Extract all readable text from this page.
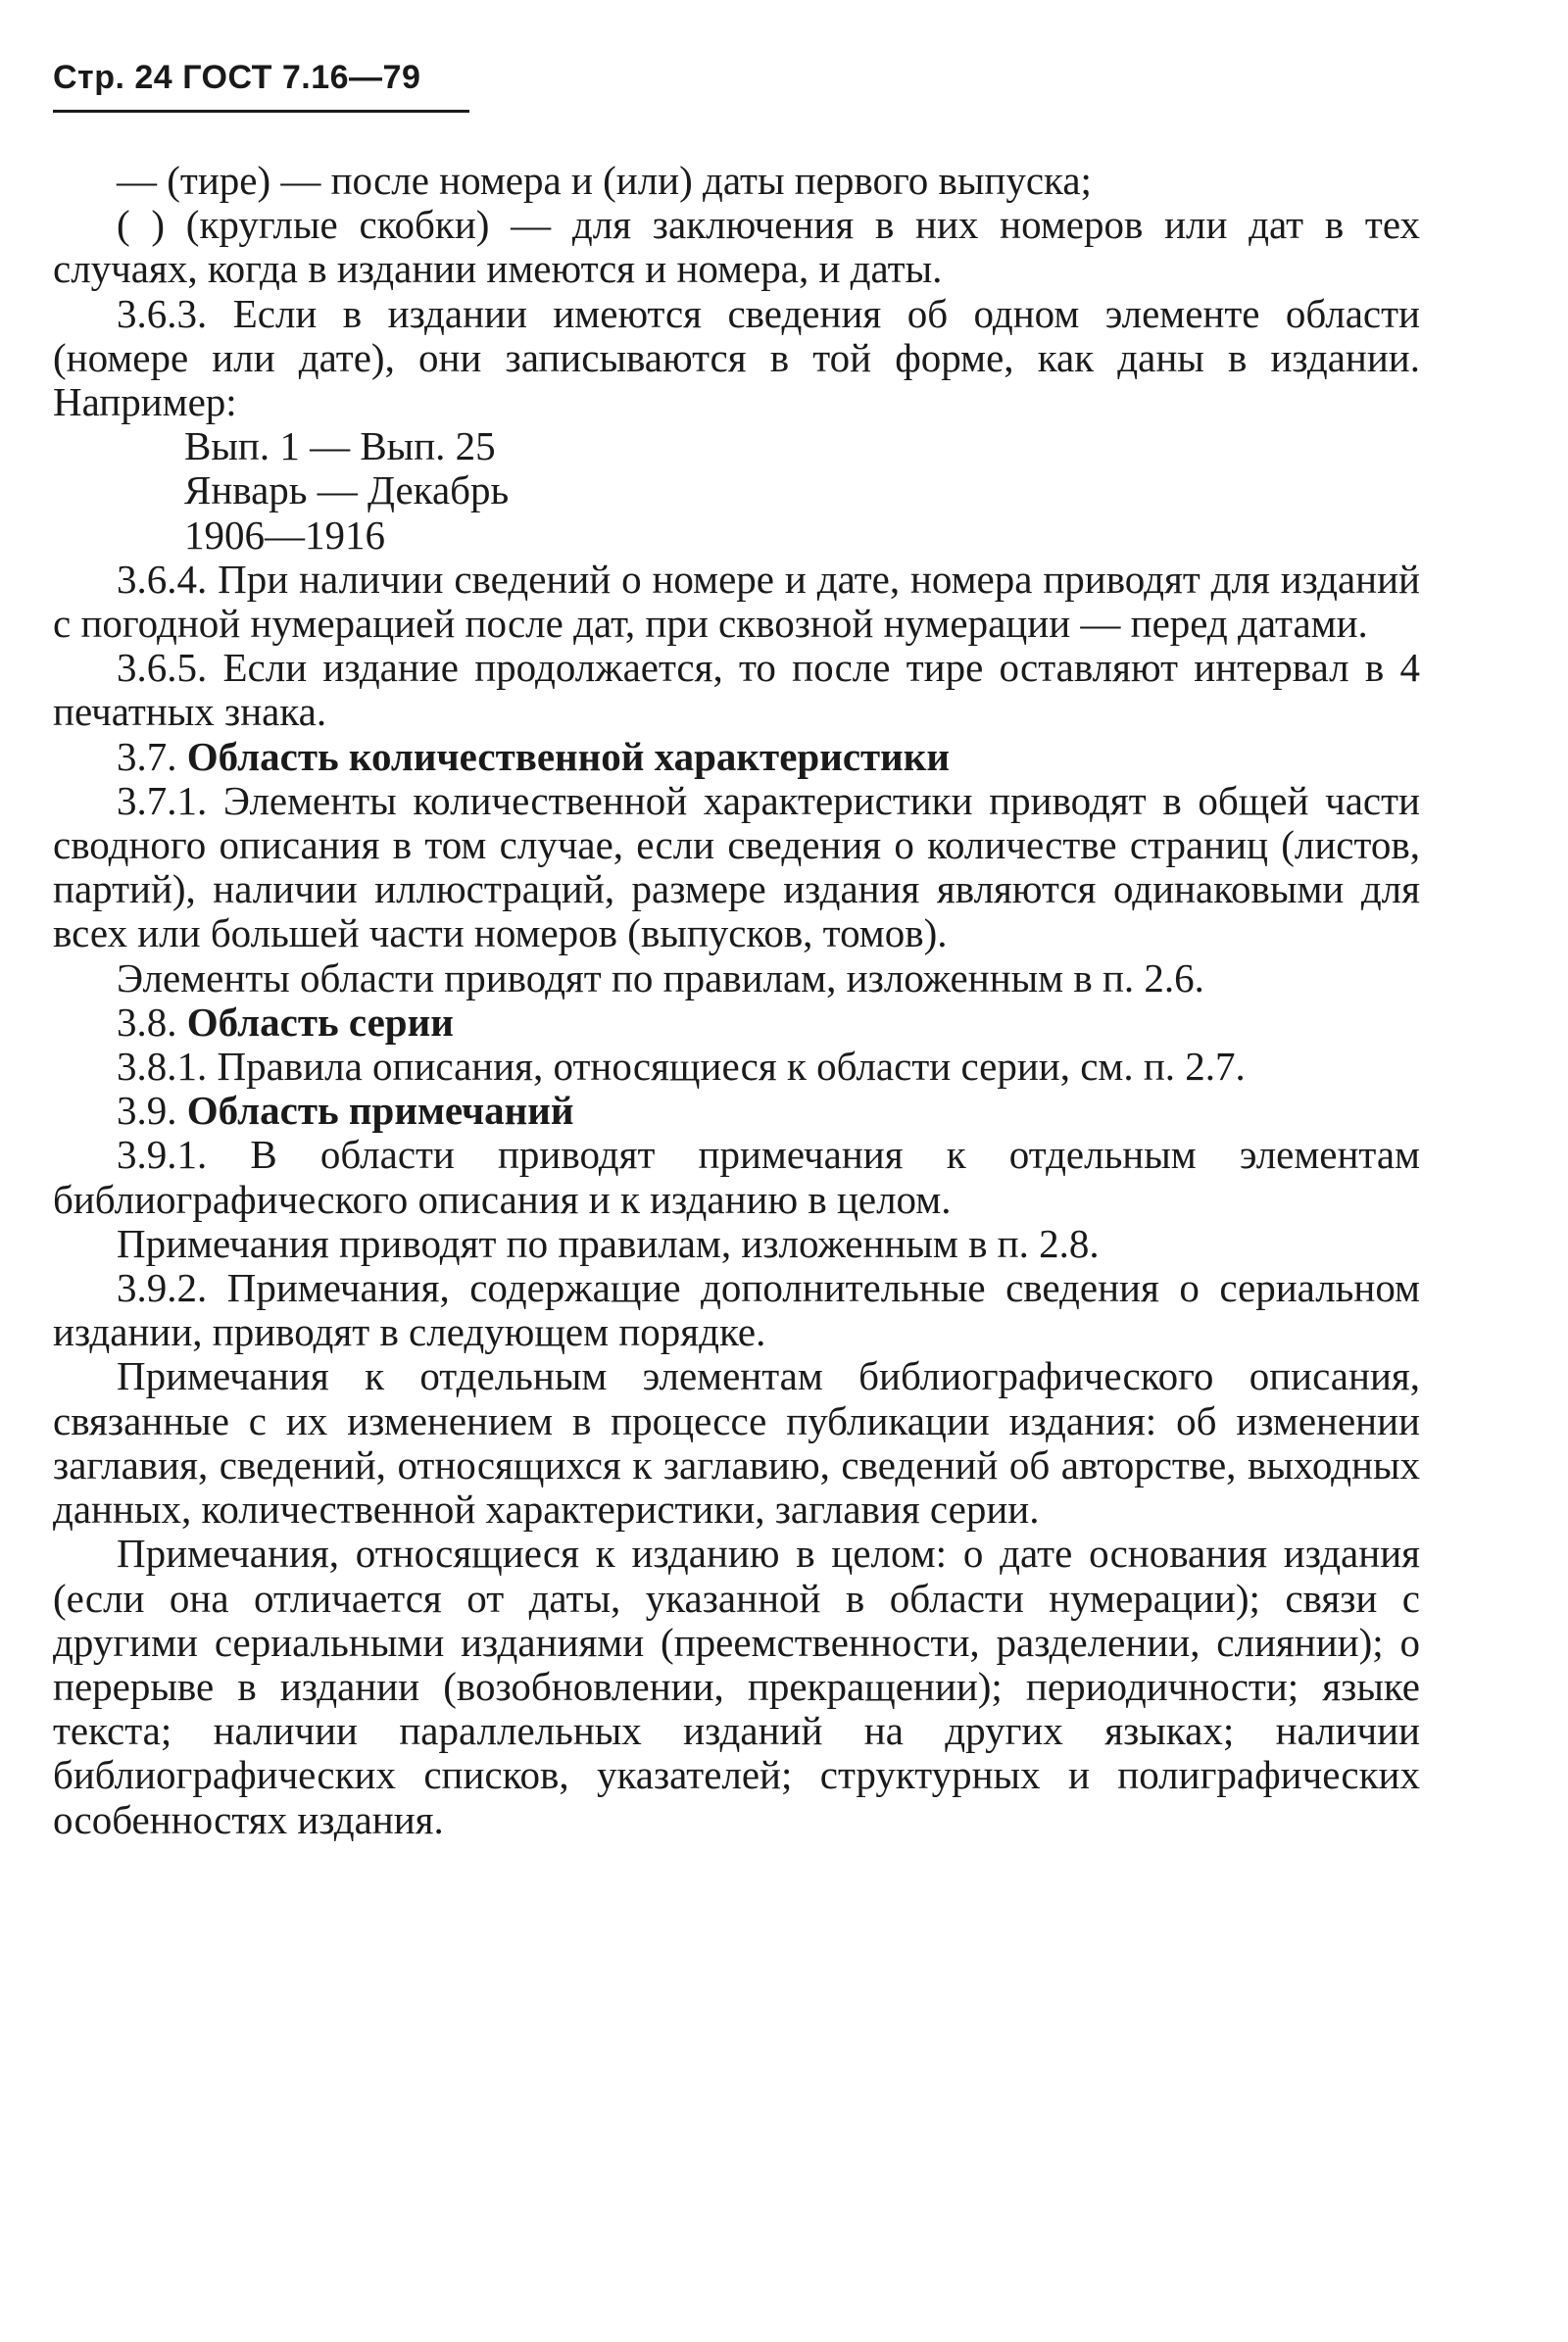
Стр. 24 ГОСТ 7.16—79

— (тире) — после номера и (или) даты первого выпуска;

( ) (круглые скобки) — для заключения в них номеров или дат в тех случаях, когда в издании имеются и номера, и даты.

3.6.3. Если в издании имеются сведения об одном элементе области (номере или дате), они записываются в той форме, как даны в издании. Например:

Вып. 1 — Вып. 25

Январь — Декабрь

1906—1916

3.6.4. При наличии сведений о номере и дате, номера приводят для изданий с погодной нумерацией после дат, при сквозной нумерации — перед датами.

3.6.5. Если издание продолжается, то после тире оставляют интервал в 4 печатных знака.

3.7. Область количественной характеристики

3.7.1. Элементы количественной характеристики приводят в общей части сводного описания в том случае, если сведения о количестве страниц (листов, партий), наличии иллюстраций, размере издания являются одинаковыми для всех или большей части номеров (выпусков, томов).

Элементы области приводят по правилам, изложенным в п. 2.6.

3.8. Область серии

3.8.1. Правила описания, относящиеся к области серии, см. п. 2.7.

3.9. Область примечаний

3.9.1. В области приводят примечания к отдельным элементам библиографического описания и к изданию в целом.

Примечания приводят по правилам, изложенным в п. 2.8.

3.9.2. Примечания, содержащие дополнительные сведения о сериальном издании, приводят в следующем порядке.

Примечания к отдельным элементам библиографического описания, связанные с их изменением в процессе публикации издания: об изменении заглавия, сведений, относящихся к заглавию, сведений об авторстве, выходных данных, количественной характеристики, заглавия серии.

Примечания, относящиеся к изданию в целом: о дате основания издания (если она отличается от даты, указанной в области нумерации); связи с другими сериальными изданиями (преемственности, разделении, слиянии); о перерыве в издании (возобновлении, прекращении); периодичности; языке текста; наличии параллельных изданий на других языках; наличии библиографических списков, указателей; структурных и полиграфических особенностях издания.
